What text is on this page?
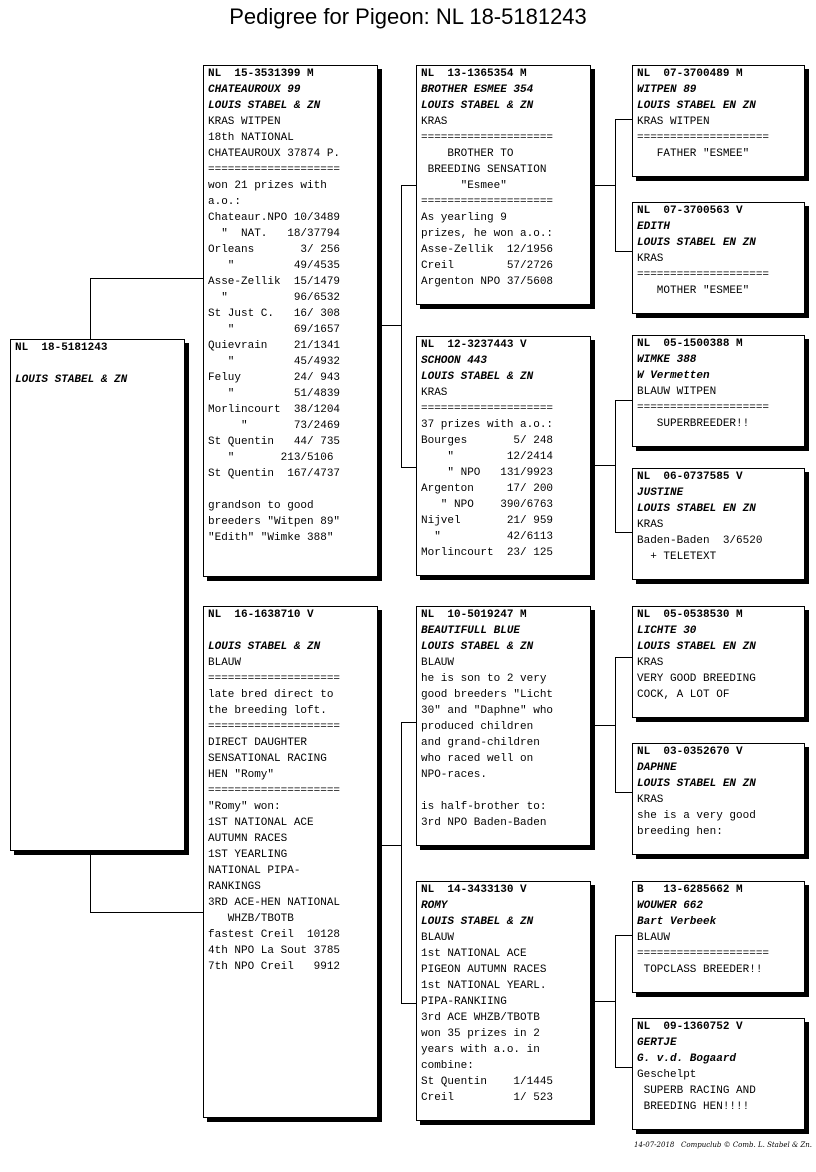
Pedigree for Pigeon: NL 18-5181243
NL  18-5181243
LOUIS STABEL & ZN
NL  15-3531399 M
CHATEAUROUX 99
LOUIS STABEL & ZN
KRAS WITPEN
18th NATIONAL
CHATEAUROUX 37874 P.
====================
won 21 prizes with
a.o.:
Chateaur.NPO 10/3489
"  NAT.   18/37794
Orleans       3/ 256
"         49/4535
Asse-Zellik  15/1479
"          96/6532
St Just C.   16/ 308
"         69/1657
Quievrain    21/1341
"         45/4932
Feluy        24/ 943
"         51/4839
Morlincourt  38/1204
"       73/2469
St Quentin   44/ 735
"       213/5106
St Quentin  167/4737
grandson to good
breeders "Witpen 89"
"Edith" "Wimke 388"
NL  16-1638710 V
LOUIS STABEL & ZN
BLAUW
====================
late bred direct to
the breeding loft.
====================
DIRECT DAUGHTER
SENSATIONAL RACING
HEN "Romy"
====================
"Romy" won:
1ST NATIONAL ACE
AUTUMN RACES
1ST YEARLING
NATIONAL PIPA-
RANKINGS
3RD ACE-HEN NATIONAL
WHZB/TBOTB
fastest Creil  10128
4th NPO La Sout 3785
7th NPO Creil   9912
NL  13-1365354 M
BROTHER ESMEE 354
LOUIS STABEL & ZN
KRAS
====================
BROTHER TO
BREEDING SENSATION
"Esmee"
====================
As yearling 9
prizes, he won a.o.:
Asse-Zellik  12/1956
Creil        57/2726
Argenton NPO 37/5608
NL  12-3237443 V
SCHOON 443
LOUIS STABEL & ZN
KRAS
====================
37 prizes with a.o.:
Bourges       5/ 248
"        12/2414
" NPO   131/9923
Argenton     17/ 200
" NPO    390/6763
Nijvel       21/ 959
"          42/6113
Morlincourt  23/ 125
NL  10-5019247 M
BEAUTIFULL BLUE
LOUIS STABEL & ZN
BLAUW
he is son to 2 very
good breeders "Licht
30" and "Daphne" who
produced children
and grand-children
who raced well on
NPO-races.
is half-brother to:
3rd NPO Baden-Baden
NL  14-3433130 V
ROMY
LOUIS STABEL & ZN
BLAUW
1st NATIONAL ACE
PIGEON AUTUMN RACES
1st NATIONAL YEARL.
PIPA-RANKIING
3rd ACE WHZB/TBOTB
won 35 prizes in 2
years with a.o. in
combine:
St Quentin    1/1445
Creil         1/ 523
NL  07-3700489 M
WITPEN 89
LOUIS STABEL EN ZN
KRAS WITPEN
====================
FATHER "ESMEE"
NL  07-3700563 V
EDITH
LOUIS STABEL EN ZN
KRAS
====================
MOTHER "ESMEE"
NL  05-1500388 M
WIMKE 388
W Vermetten
BLAUW WITPEN
====================
SUPERBREEDER!!
NL  06-0737585 V
JUSTINE
LOUIS STABEL EN ZN
KRAS
Baden-Baden  3/6520
+ TELETEXT
NL  05-0538530 M
LICHTE 30
LOUIS STABEL EN ZN
KRAS
VERY GOOD BREEDING
COCK, A LOT OF
NL  03-0352670 V
DAPHNE
LOUIS STABEL EN ZN
KRAS
she is a very good
breeding hen:
B   13-6285662 M
WOUWER 662
Bart Verbeek
BLAUW
====================
TOPCLASS BREEDER!!
NL  09-1360752 V
GERTJE
G. v.d. Bogaard
Geschelpt
SUPERB RACING AND
BREEDING HEN!!!!
14-07-2018   Compuclub © Comb. L. Stabel & Zn.
